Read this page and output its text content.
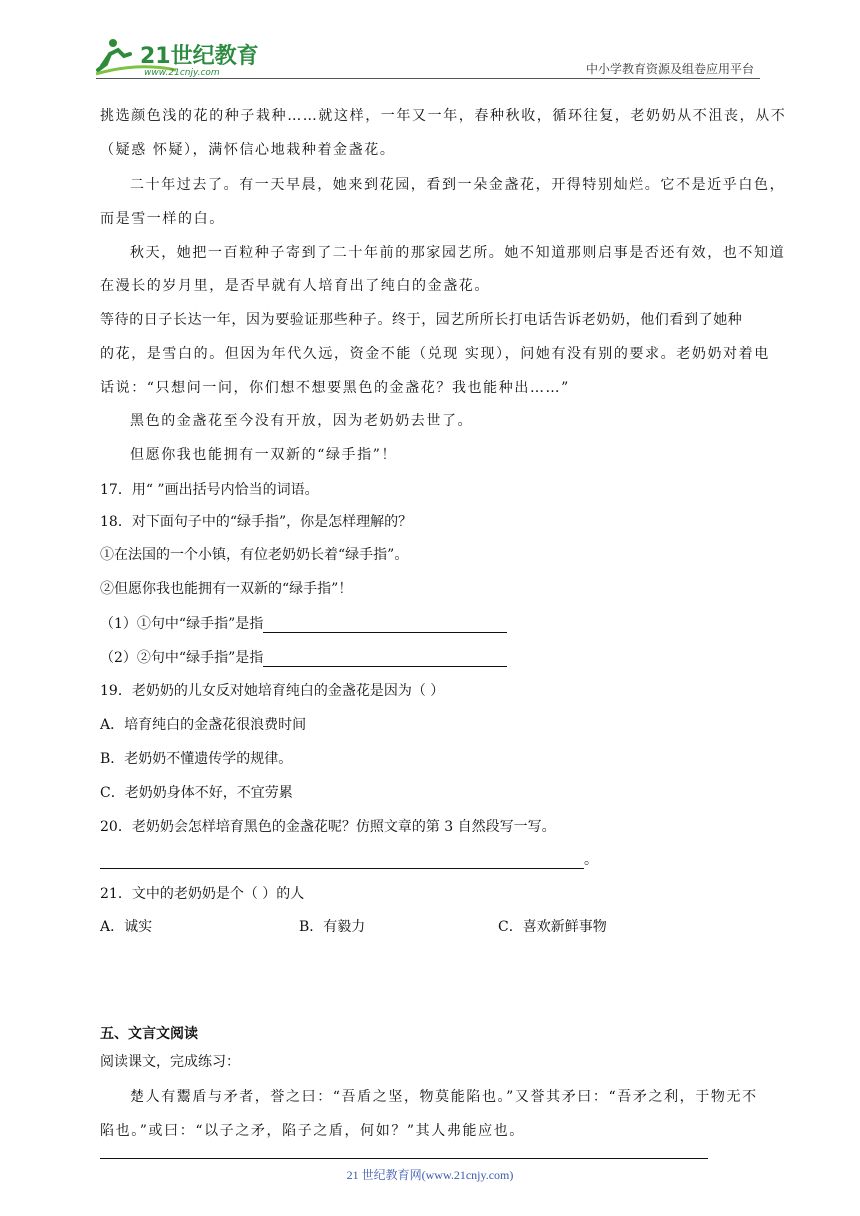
21世纪教育
www.21cnjy.com	中小学教育资源及组卷应用平台
挑选颜色浅的花的种子栽种……就这样，一年又一年，春种秋收，循环往复，老奶奶从不沮丧，从不
（疑惑 怀疑），满怀信心地栽种着金盏花。
二十年过去了。有一天早晨，她来到花园，看到一朵金盏花，开得特别灿烂。它不是近乎白色，
而是雪一样的白。
秋天，她把一百粒种子寄到了二十年前的那家园艺所。她不知道那则启事是否还有效，也不知道
在漫长的岁月里，是否早就有人培育出了纯白的金盏花。
等待的日子长达一年，因为要验证那些种子。终于，园艺所所长打电话告诉老奶奶，他们看到了她种
的花，是雪白的。但因为年代久远，资金不能（兑现 实现），问她有没有别的要求。老奶奶对着电
话说：“只想问一问，你们想不想要黑色的金盏花？我也能种出……”
黑色的金盏花至今没有开放，因为老奶奶去世了。
但愿你我也能拥有一双新的“绿手指”！
17．用“ ”画出括号内恰当的词语。
18．对下面句子中的“绿手指”，你是怎样理解的？
①在法国的一个小镇，有位老奶奶长着“绿手指”。
②但愿你我也能拥有一双新的“绿手指”！
（1）①句中“绿手指”是指
（2）②句中“绿手指”是指
19．老奶奶的儿女反对她培育纯白的金盏花是因为（ ）
A．培育纯白的金盏花很浪费时间
B．老奶奶不懂遗传学的规律。
C．老奶奶身体不好，不宜劳累
20．老奶奶会怎样培育黑色的金盏花呢？仿照文章的第 3 自然段写一写。
。
21．文中的老奶奶是个（ ）的人
A．诚实	B．有毅力	C．喜欢新鲜事物
五、文言文阅读
阅读课文，完成练习：
楚人有鬻盾与矛者，誉之曰：“吾盾之坚，物莫能陷也。”又誉其矛曰：“吾矛之利，于物无不
陷也。”或曰：“以子之矛，陷子之盾，何如？”其人弗能应也。
21 世纪教育网(www.21cnjy.com)
